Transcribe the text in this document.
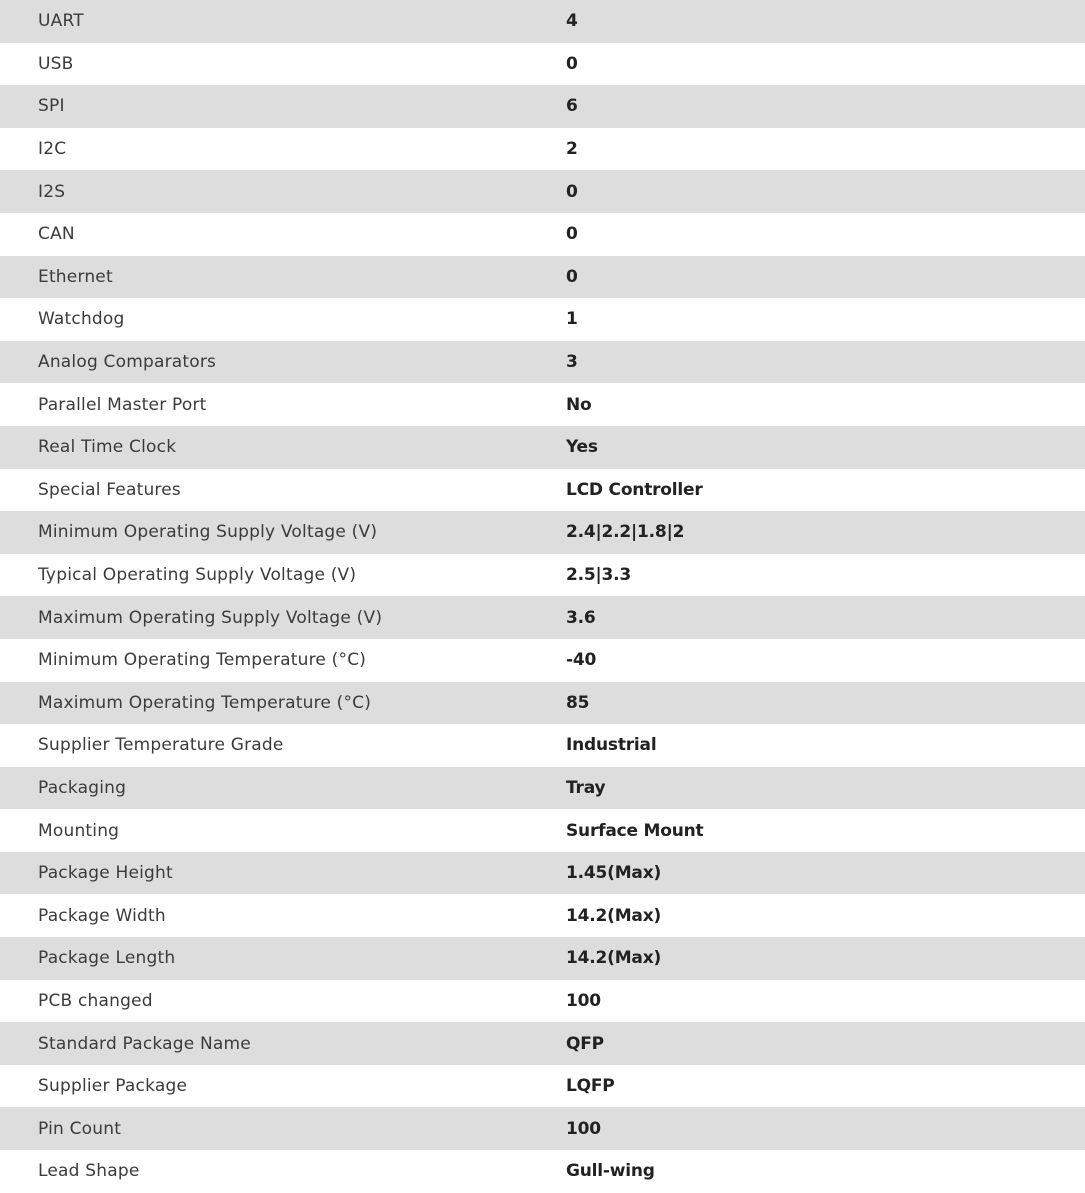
UART	4
USB	0
SPI	6
I2C	2
I2S	0
CAN	0
Ethernet	0
Watchdog	1
Analog Comparators	3
Parallel Master Port	No
Real Time Clock	Yes
Special Features	LCD Controller
Minimum Operating Supply Voltage (V)	2.4|2.2|1.8|2
Typical Operating Supply Voltage (V)	2.5|3.3
Maximum Operating Supply Voltage (V)	3.6
Minimum Operating Temperature (°C)	-40
Maximum Operating Temperature (°C)	85
Supplier Temperature Grade	Industrial
Packaging	Tray
Mounting	Surface Mount
Package Height	1.45(Max)
Package Width	14.2(Max)
Package Length	14.2(Max)
PCB changed	100
Standard Package Name	QFP
Supplier Package	LQFP
Pin Count	100
Lead Shape	Gull-wing
